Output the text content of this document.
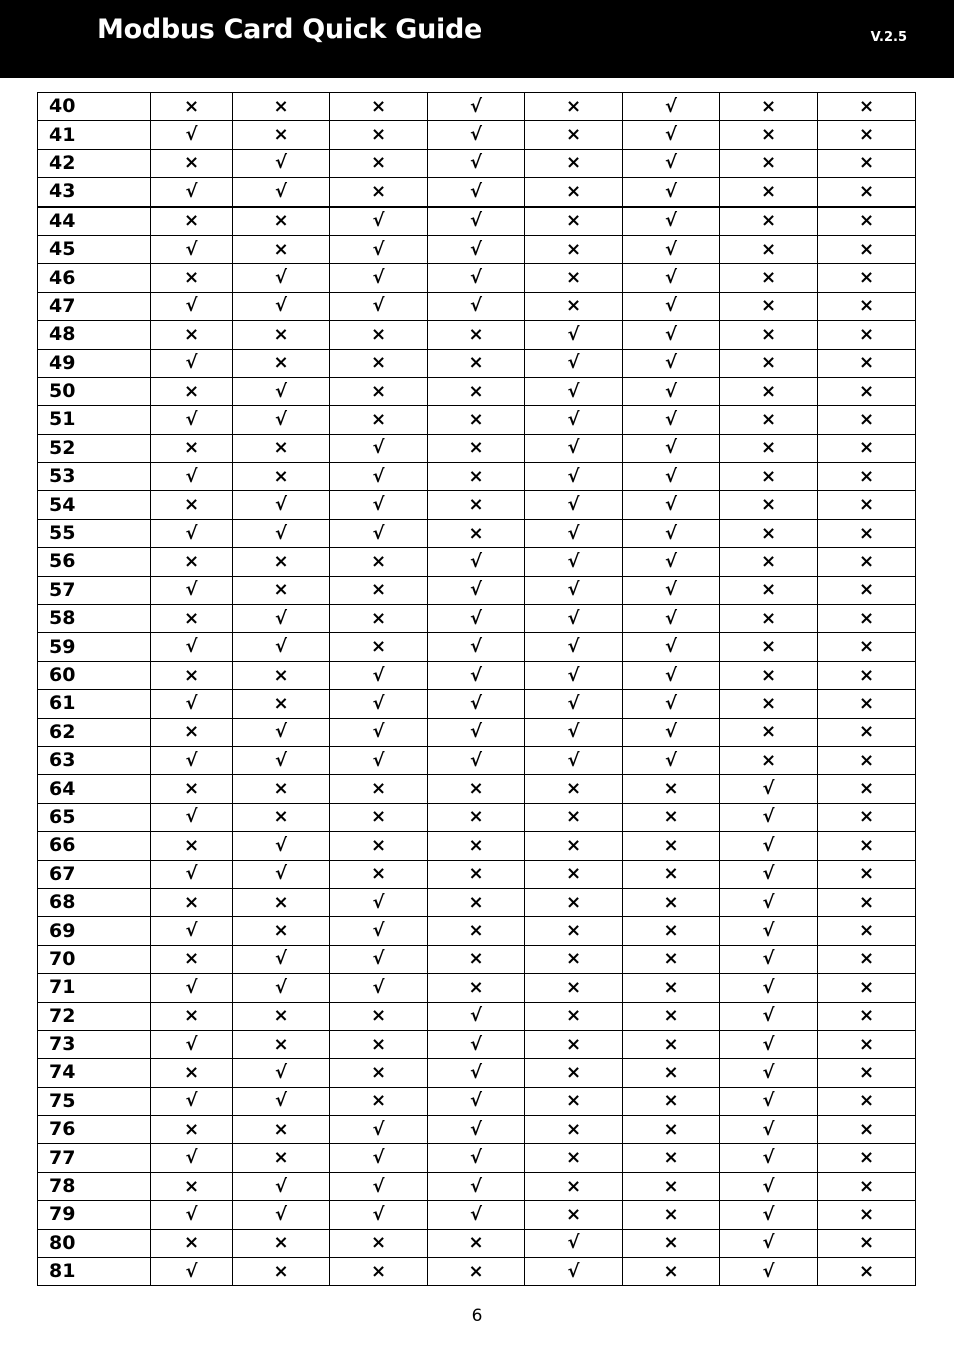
Modbus Card Quick Guide	V.2.5
40	×	×	×	√	×	√	×	×
41	√	×	×	√	×	√	×	×
42	×	√	×	√	×	√	×	×
43	√	√	×	√	×	√	×	×
44	×	×	√	√	×	√	×	×
45	√	×	√	√	×	√	×	×
46	×	√	√	√	×	√	×	×
47	√	√	√	√	×	√	×	×
48	×	×	×	×	√	√	×	×
49	√	×	×	×	√	√	×	×
50	×	√	×	×	√	√	×	×
51	√	√	×	×	√	√	×	×
52	×	×	√	×	√	√	×	×
53	√	×	√	×	√	√	×	×
54	×	√	√	×	√	√	×	×
55	√	√	√	×	√	√	×	×
56	×	×	×	√	√	√	×	×
57	√	×	×	√	√	√	×	×
58	×	√	×	√	√	√	×	×
59	√	√	×	√	√	√	×	×
60	×	×	√	√	√	√	×	×
61	√	×	√	√	√	√	×	×
62	×	√	√	√	√	√	×	×
63	√	√	√	√	√	√	×	×
64	×	×	×	×	×	×	√	×
65	√	×	×	×	×	×	√	×
66	×	√	×	×	×	×	√	×
67	√	√	×	×	×	×	√	×
68	×	×	√	×	×	×	√	×
69	√	×	√	×	×	×	√	×
70	×	√	√	×	×	×	√	×
71	√	√	√	×	×	×	√	×
72	×	×	×	√	×	×	√	×
73	√	×	×	√	×	×	√	×
74	×	√	×	√	×	×	√	×
75	√	√	×	√	×	×	√	×
76	×	×	√	√	×	×	√	×
77	√	×	√	√	×	×	√	×
78	×	√	√	√	×	×	√	×
79	√	√	√	√	×	×	√	×
80	×	×	×	×	√	×	√	×
81	√	×	×	×	√	×	√	×
6
